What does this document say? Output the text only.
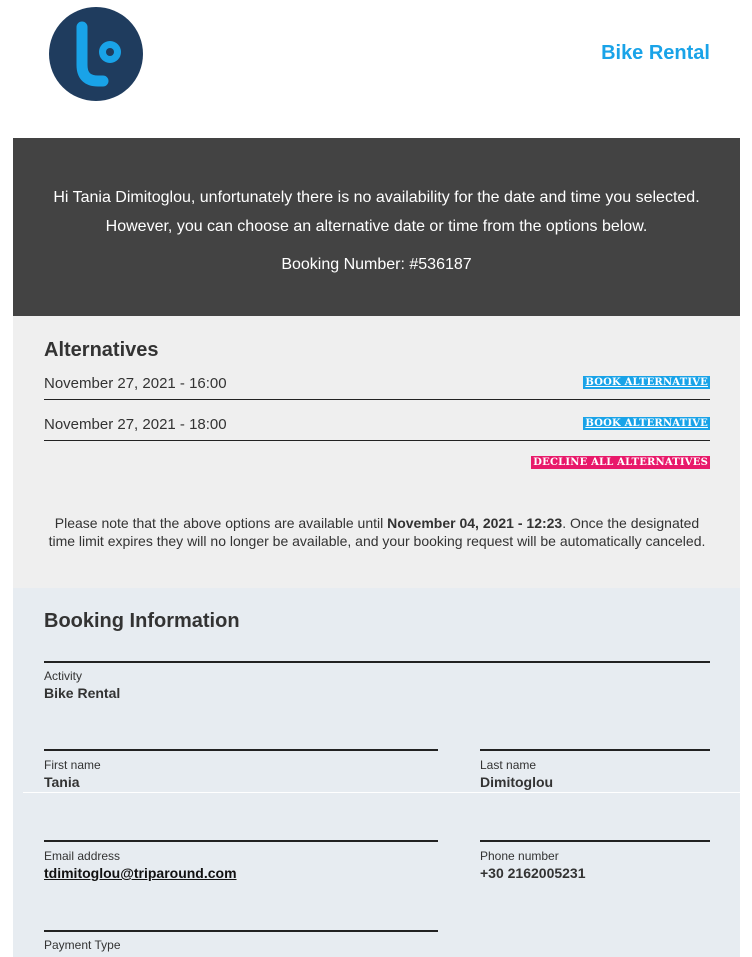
Bike Rental
Hi Tania Dimitoglou, unfortunately there is no availability for the date and time you selected.
However, you can choose an alternative date or time from the options below.
Booking Number: #536187
Alternatives
November 27, 2021 - 16:00	BOOK ALTERNATIVE
November 27, 2021 - 18:00	BOOK ALTERNATIVE
DECLINE ALL ALTERNATIVES
Please note that the above options are available until November 04, 2021 - 12:23. Once the designated time limit expires they will no longer be available, and your booking request will be automatically canceled.
Booking Information
Activity
Bike Rental
First name
Tania
Last name
Dimitoglou
Email address
tdimitoglou@triparound.com
Phone number
+30 2162005231
Payment Type
